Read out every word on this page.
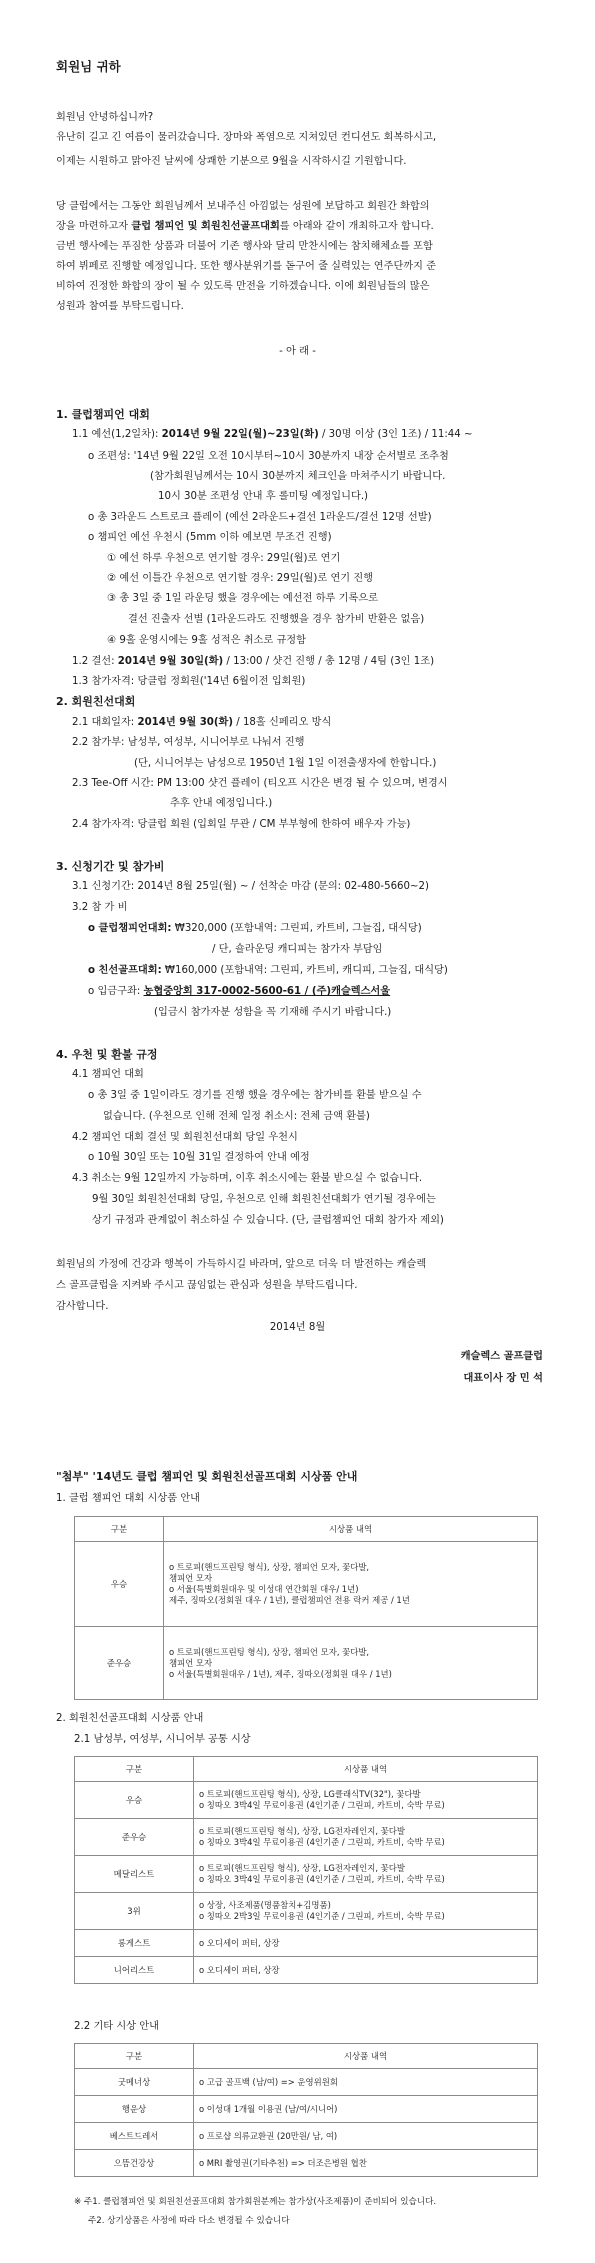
회원님 귀하
회원님 안녕하십니까?
유난히 길고 긴 여름이 물러갔습니다. 장마와 폭염으로 지쳐있던 컨디션도 회복하시고,
이제는 시원하고 맑아진 날씨에 상쾌한 기분으로 9월을 시작하시길 기원합니다.
당 클럽에서는 그동안 회원님께서 보내주신 아낌없는 성원에 보답하고 회원간 화합의
장을 마련하고자 클럽 챔피언 및 회원친선골프대회를 아래와 같이 개최하고자 합니다.
금번 행사에는 푸짐한 상품과 더불어 기존 행사와 달리 만찬시에는 참치해체쇼를 포함
하여 뷔페로 진행할 예정입니다. 또한 행사분위기를 돋구어 줄 실력있는 연주단까지 준
비하여 진정한 화합의 장이 될 수 있도록 만전을 기하겠습니다. 이에 회원님들의 많은
성원과 참여를 부탁드립니다.
- 아 래 -
1. 클럽챔피언 대회
1.1 예선(1,2일차): 2014년 9월 22일(월)~23일(화) / 30명 이상 (3인 1조) / 11:44 ~
o 조편성: '14년 9월 22일 오전 10시부터~10시 30분까지 내장 순서별로 조추첨
(참가회원님께서는 10시 30분까지 체크인을 마쳐주시기 바랍니다.
10시 30분 조편성 안내 후 롤미팅 예정입니다.)
o 총 3라운드 스트로크 플레이 (예선 2라운드+결선 1라운드/결선 12명 선발)
o 챔피언 예선 우천시 (5mm 이하 예보면 무조건 진행)
① 예선 하루 우천으로 연기할 경우: 29일(월)로 연기
② 예선 이틀간 우천으로 연기할 경우: 29일(월)로 연기 진행
③ 총 3일 중 1일 라운딩 했을 경우에는 예선전 하루 기록으로
결선 진출자 선별 (1라운드라도 진행했을 경우 참가비 반환은 없음)
④ 9홀 운영시에는 9홀 성적은 취소로 규정함
1.2 결선: 2014년 9월 30일(화) / 13:00 / 샷건 진행 / 총 12명 / 4팀 (3인 1조)
1.3 참가자격: 당클럽 정회원('14년 6월이전 입회원)
2. 회원친선대회
2.1 대회일자: 2014년 9월 30(화) / 18홀 신페리오 방식
2.2 참가부: 남성부, 여성부, 시니어부로 나눠서 진행
(단, 시니어부는 남성으로 1950년 1월 1일 이전출생자에 한합니다.)
2.3 Tee-Off 시간: PM 13:00 샷건 플레이 (티오프 시간은 변경 될 수 있으며, 변경시
추후 안내 예정입니다.)
2.4 참가자격: 당클럽 회원 (입회일 무관 / CM 부부형에 한하여 배우자 가능)
3. 신청기간 및 참가비
3.1 신청기간: 2014년 8월 25일(월) ~ / 선착순 마감 (문의: 02-480-5660~2)
3.2 참 가 비
o 클럽챔피언대회: ₩320,000 (포함내역: 그린피, 카트비, 그늘집, 대식당)
/ 단, 숄라운딩 캐디피는 참가자 부담임
o 친선골프대회: ₩160,000 (포함내역: 그린피, 카트비, 캐디피, 그늘집, 대식당)
o 입금구좌: 농협중앙회 317-0002-5600-61 / (주)캐슬렉스서울
(입금시 참가자분 성함을 꼭 기재해 주시기 바랍니다.)
4. 우천 및 환불 규정
4.1 챔피언 대회
o 총 3일 중 1일이라도 경기를 진행 했을 경우에는 참가비를 환불 받으실 수
없습니다. (우천으로 인해 전체 일정 취소시: 전체 금액 환불)
4.2 챔피언 대회 결선 및 회원친선대회 당일 우천시
o 10월 30일 또는 10월 31일 결정하여 안내 예정
4.3 취소는 9월 12일까지 가능하며, 이후 취소시에는 환불 받으실 수 없습니다.
9월 30일 회원친선대회 당일, 우천으로 인해 회원친선대회가 연기될 경우에는
상기 규정과 관계없이 취소하실 수 있습니다. (단, 클럽챔피언 대회 참가자 제외)
회원님의 가정에 건강과 행복이 가득하시길 바라며, 앞으로 더욱 더 발전하는 캐슬렉
스 골프클럽을 지켜봐 주시고 끊임없는 관심과 성원을 부탁드립니다.
감사합니다.
2014년 8월
캐슬렉스 골프클럽
대표이사 장 민 석
"첨부" '14년도 클럽 챔피언 및 회원친선골프대회 시상품 안내
1. 클럽 챔피언 대회 시상품 안내
구분	시상품 내역
우승	o 트로피(핸드프린팅 형식), 상장, 챔피언 모자, 꽃다발,
챔피언 모자
o 서울(특별회원대우 및 이성대 연간회원 대우/ 1년)
제주, 징따오(정회원 대우 / 1년), 클럽챔피언 전용 락커 제공 / 1년

준우승	o 트로피(핸드프린팅 형식), 상장, 챔피언 모자, 꽃다발,
챔피언 모자
o 서울(특별회원대우 / 1년), 제주, 징따오(정회원 대우 / 1년)
2. 회원친선골프대회 시상품 안내
2.1 남성부, 여성부, 시니어부 공통 시상
구분	시상품 내역
우승	o 트로피(핸드프린팅 형식), 상장, LG클래식TV(32"), 꽃다발
o 칭따오 3박4일 무료이용권 (4인기준 / 그린피, 카트비, 숙박 무료)

준우승	o 트로피(핸드프린팅 형식), 상장, LG전자레인지, 꽃다발
o 칭따오 3박4일 무료이용권 (4인기준 / 그린피, 카트비, 숙박 무료)

메달리스트	o 트로피(핸드프린팅 형식), 상장, LG전자레인지, 꽃다발
o 칭따오 3박4일 무료이용권 (4인기준 / 그린피, 카트비, 숙박 무료)

3위	o 상장, 사조제품(명품참치+김명품)
o 칭따오 2박3일 무료이용권 (4인기준 / 그린피, 카트비, 숙박 무료)

롱게스트	o 오디세이 퍼터, 상장

니어리스트	o 오디세이 퍼터, 상장
2.2 기타 시상 안내
구분	시상품 내역
굿메너상	o 고급 골프백 (남/여) => 운영위원회

행운상	o 이성대 1개월 이용권 (남/여/시니어)

베스트드레서	o 프로샵 의류교환권 (20만원/ 남, 여)

으뜸건강상	o MRI 촬영권(기타추천) => 더조은병원 협찬
※ 주1. 클럽챔피언 및 회원친선골프대회 참가회원분께는 참가상(사조제품)이 준비되어 있습니다.
주2. 상기상품은 사정에 따라 다소 변경될 수 있습니다
